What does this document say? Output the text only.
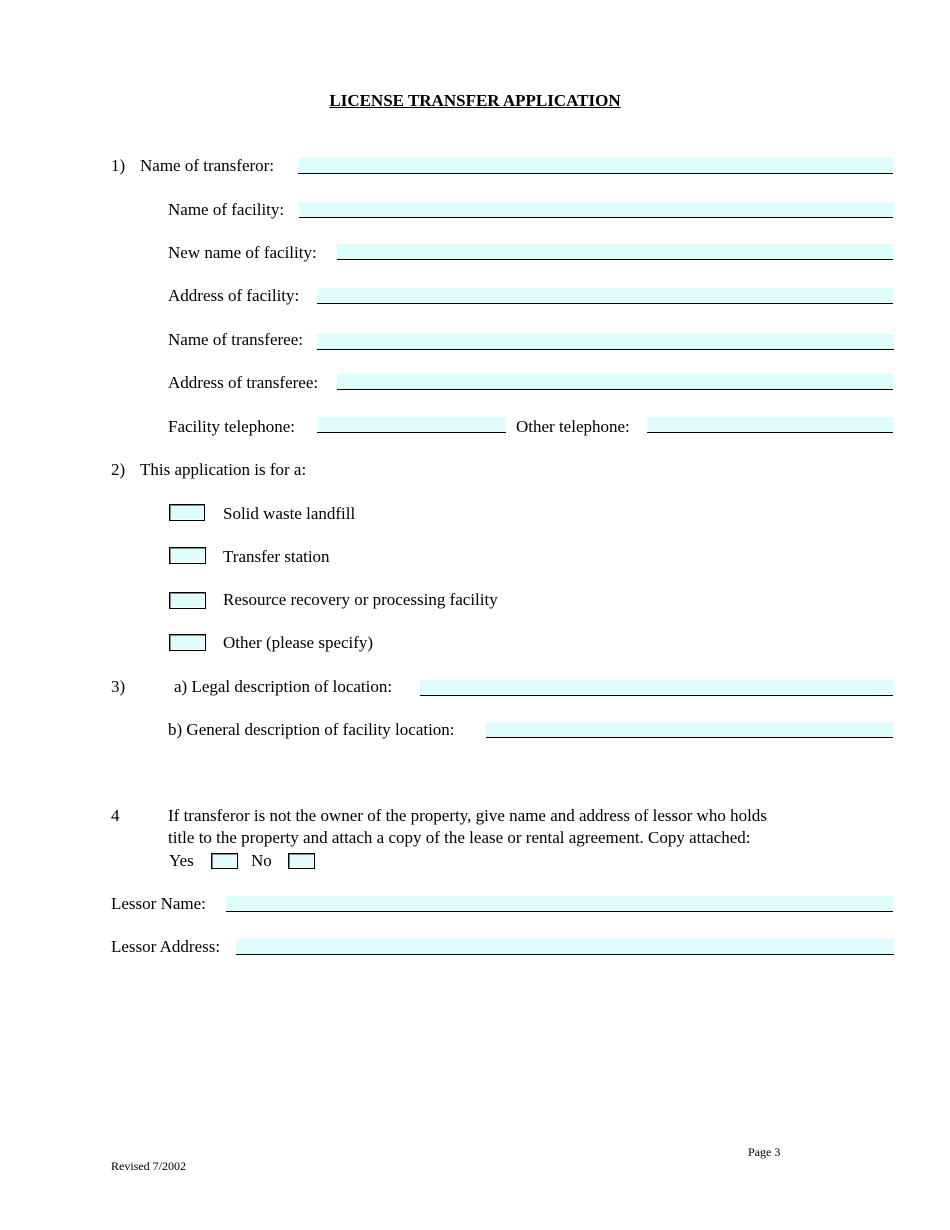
LICENSE TRANSFER APPLICATION
1) Name of transferor:
Name of facility:
New name of facility:
Address of facility:
Name of transferee:
Address of transferee:
Facility telephone:	Other telephone:
2) This application is for a:
Solid waste landfill
Transfer station
Resource recovery or processing facility
Other (please specify)
3)	a) Legal description of location:
b) General description of facility location:
4	If transferor is not the owner of the property, give name and address of lessor who holds
title to the property and attach a copy of the lease or rental agreement. Copy attached:
Yes	No
Lessor Name:
Lessor Address:
Page 3
Revised 7/2002
